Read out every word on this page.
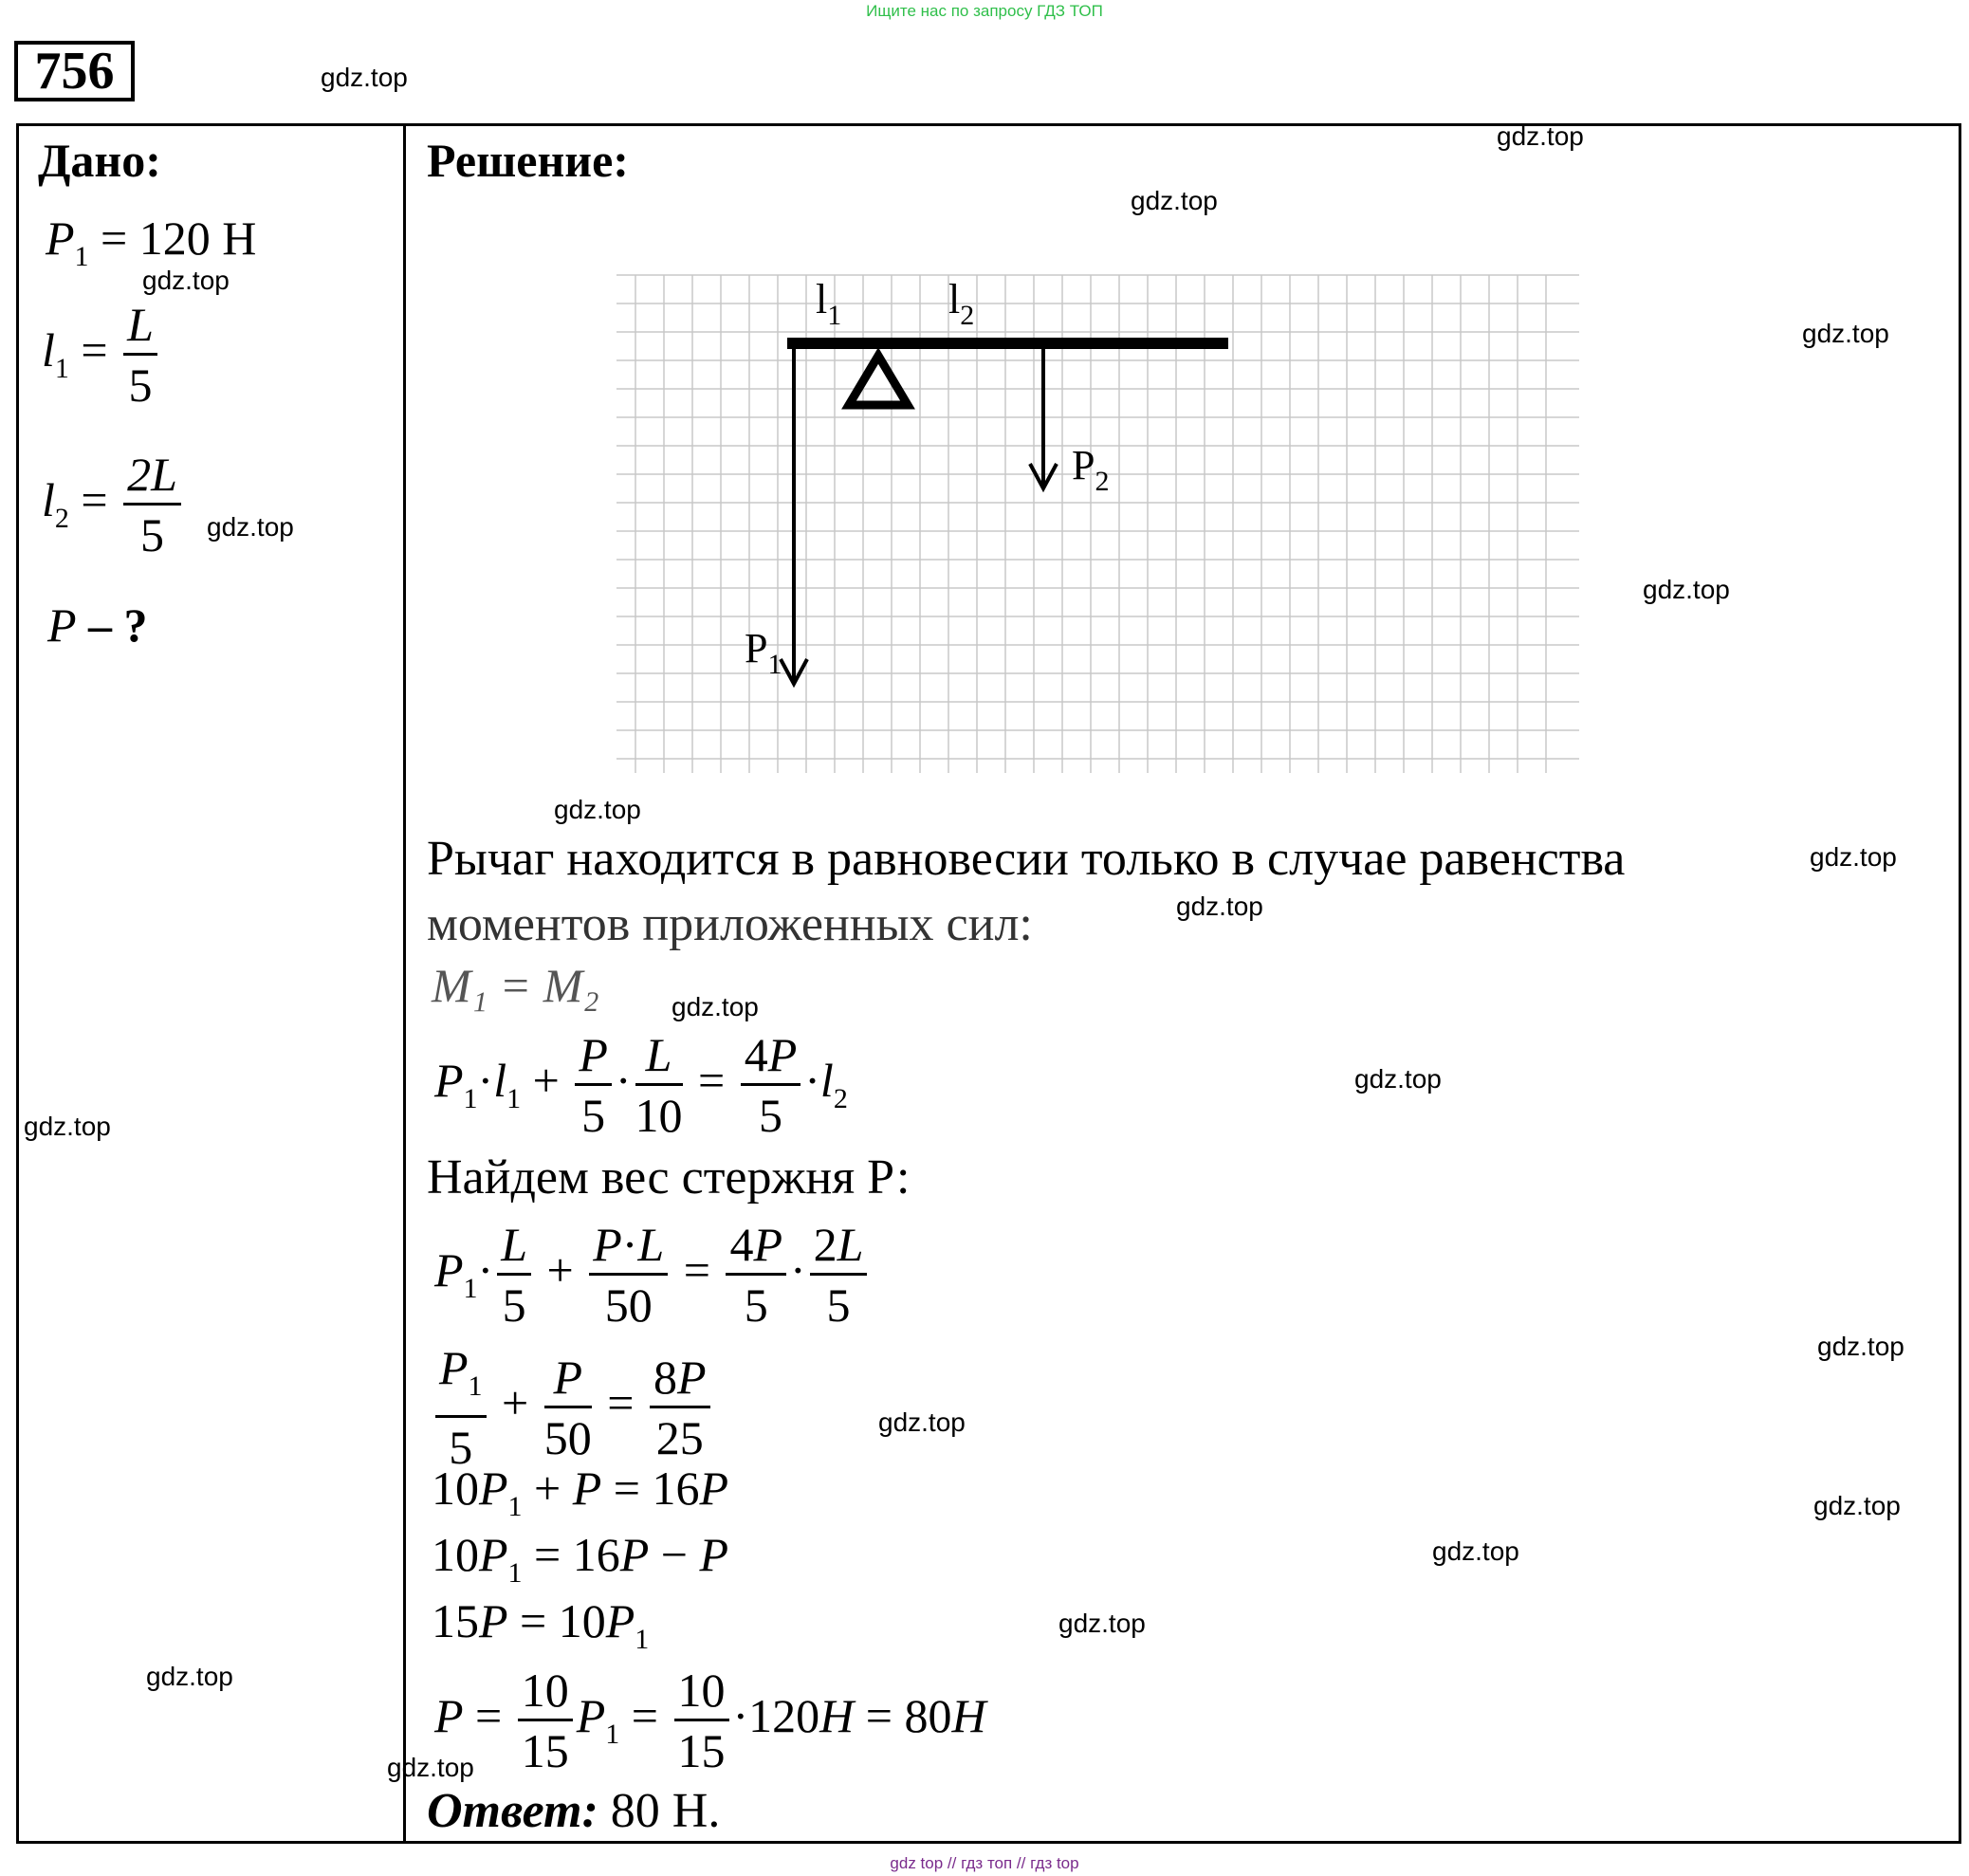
Ищите нас по запросу ГДЗ ТОП
756	gdz.top
Дано:
$P_1 = 120$ Н
$l_1 = \frac{L}{5}$
$l_2 = \frac{2L}{5}$
P – ?
Решение:
$l_1$	$l_2$
$P_2$
$P_1$
Рычаг находится в равновесии только в случае равенства
моментов приложенных сил:
M₁ = M₂
$P_1\cdot l_1 + \frac{P}{5} \cdot \frac{L}{10} = \frac{4P}{5} \cdot l_2$
Найдем вес стержня Р:
$P_1\cdot \frac{L}{5} + \frac{P\cdot L}{50} = \frac{4P}{5} \cdot \frac{2L}{5}$
$\frac{P_1}{5} + \frac{P}{50} = \frac{8P}{25}$
$10P_1 + P = 16P$
$10P_1 = 16P - P$
$15P = 10P_1$
$P = \frac{10}{15} P_1 = \frac{10}{15} \cdot 120H = 80H$
Ответ: 80 Н.
gdz.top
gdz.top
gdz.top
gdz.top
gdz.top
gdz.top
gdz.top
gdz.top
gdz.top
gdz.top
gdz.top
gdz.top
gdz.top
gdz.top
gdz.top
gdz.top
gdz.top
gdz.top
gdz.top
gdz top // гдз топ // гдз top
